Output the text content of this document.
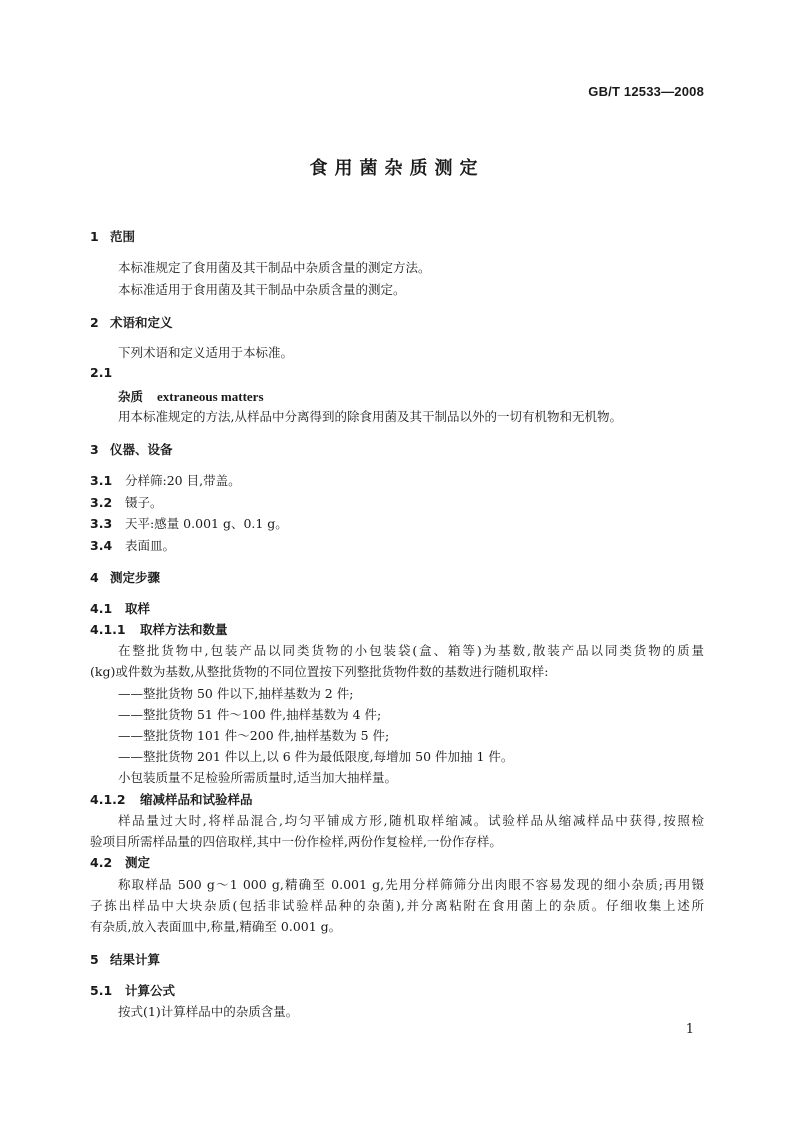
GB/T 12533—2008
食用菌杂质测定
1 范围
本标准规定了食用菌及其干制品中杂质含量的测定方法。
本标准适用于食用菌及其干制品中杂质含量的测定。
2 术语和定义
下列术语和定义适用于本标准。
2.1
杂质 extraneous matters
用本标准规定的方法,从样品中分离得到的除食用菌及其干制品以外的一切有机物和无机物。
3 仪器、设备
3.1 分样筛:20 目,带盖。
3.2 镊子。
3.3 天平:感量 0.001 g、0.1 g。
3.4 表面皿。
4 测定步骤
4.1 取样
4.1.1 取样方法和数量
在整批货物中,包装产品以同类货物的小包装袋(盒、箱等)为基数,散装产品以同类货物的质量
(kg)或件数为基数,从整批货物的不同位置按下列整批货物件数的基数进行随机取样:
——整批货物 50 件以下,抽样基数为 2 件;
——整批货物 51 件～100 件,抽样基数为 4 件;
——整批货物 101 件～200 件,抽样基数为 5 件;
——整批货物 201 件以上,以 6 件为最低限度,每增加 50 件加抽 1 件。
小包装质量不足检验所需质量时,适当加大抽样量。
4.1.2 缩减样品和试验样品
样品量过大时,将样品混合,均匀平铺成方形,随机取样缩减。试验样品从缩减样品中获得,按照检
验项目所需样品量的四倍取样,其中一份作检样,两份作复检样,一份作存样。
4.2 测定
称取样品 500 g～1 000 g,精确至 0.001 g,先用分样筛筛分出肉眼不容易发现的细小杂质;再用镊
子拣出样品中大块杂质(包括非试验样品种的杂菌),并分离粘附在食用菌上的杂质。仔细收集上述所
有杂质,放入表面皿中,称量,精确至 0.001 g。
5 结果计算
5.1 计算公式
按式(1)计算样品中的杂质含量。
1
